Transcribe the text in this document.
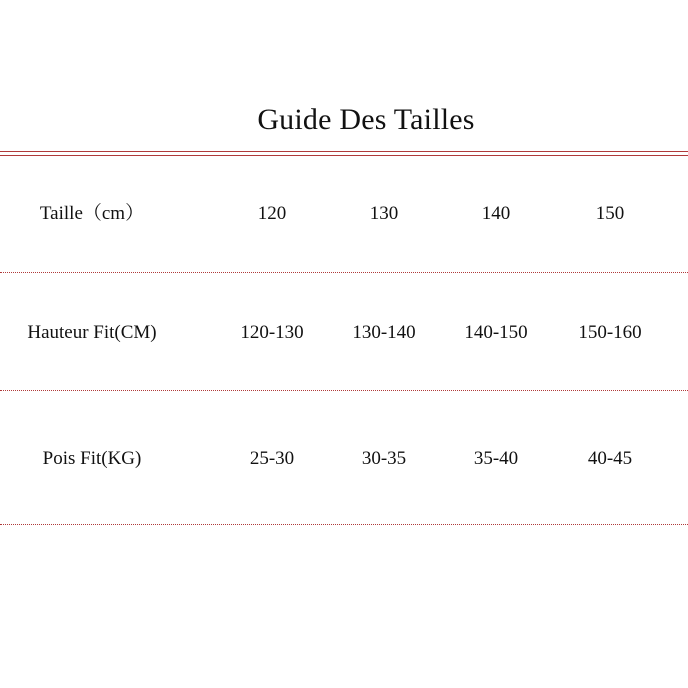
Guide Des Tailles
Taille（cm）	120	130	140	150
Hauteur Fit(CM)	120-130	130-140	140-150	150-160
Pois Fit(KG)	25-30	30-35	35-40	40-45
